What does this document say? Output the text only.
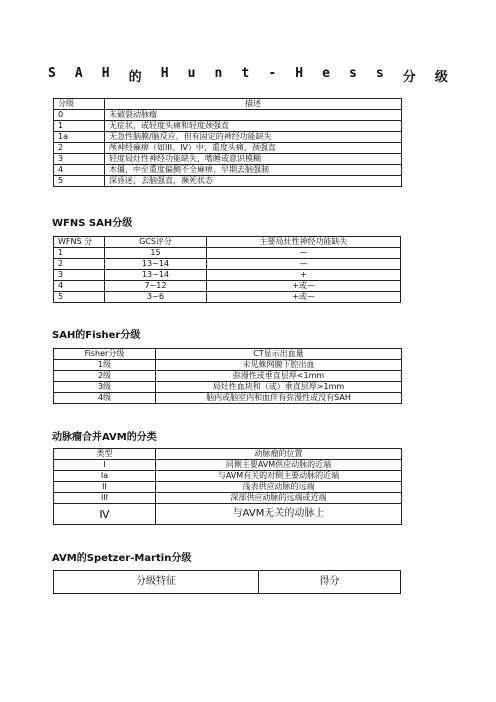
S A H 的 H u n t - H e s s 分 级
分级	描述

0	未破裂动脉瘤

1	无症状，或轻度头痛和轻度颈强直

1a	无急性脑膜/脑反应，但有固定的神经功能缺失

2	颅神经麻痹（如III、IV）中、重度头痛，颈强直

3	轻度局灶性神经功能缺失，嗜睡或意识模糊

4	木僵，中至重度偏侧不全麻痹，早期去脑强制

5	深昏迷，去脑强直，濒死状态
WFNS SAH分级
WFNS 分	GCS评分	主要局灶性神经功能缺失

1	15	—

2	13~14	—

3	13~14	+

4	7~12	+或—

5	3~6	+或—
SAH的Fisher分级
Fisher分级	CT显示出血量

1级	未见蛛网膜下腔出血

2级	弥漫性或垂直层厚<1mm

3级	局灶性血块和（或）垂直层厚>1mm

4级	脑内或脑室内和血伴有弥漫性或没有SAH
动脉瘤合并AVM的分类
类型	动脉瘤的位置

I	同侧主要AVM供应动脉的近端

Ia	与AVM有关的对侧主要动脉的近端

II	浅表供应动脉的远端

III	深部供应动脉的远端或近端

Ⅳ	与AVM无关的动脉上
AVM的Spetzer-Martin分级
分级特征	得分
